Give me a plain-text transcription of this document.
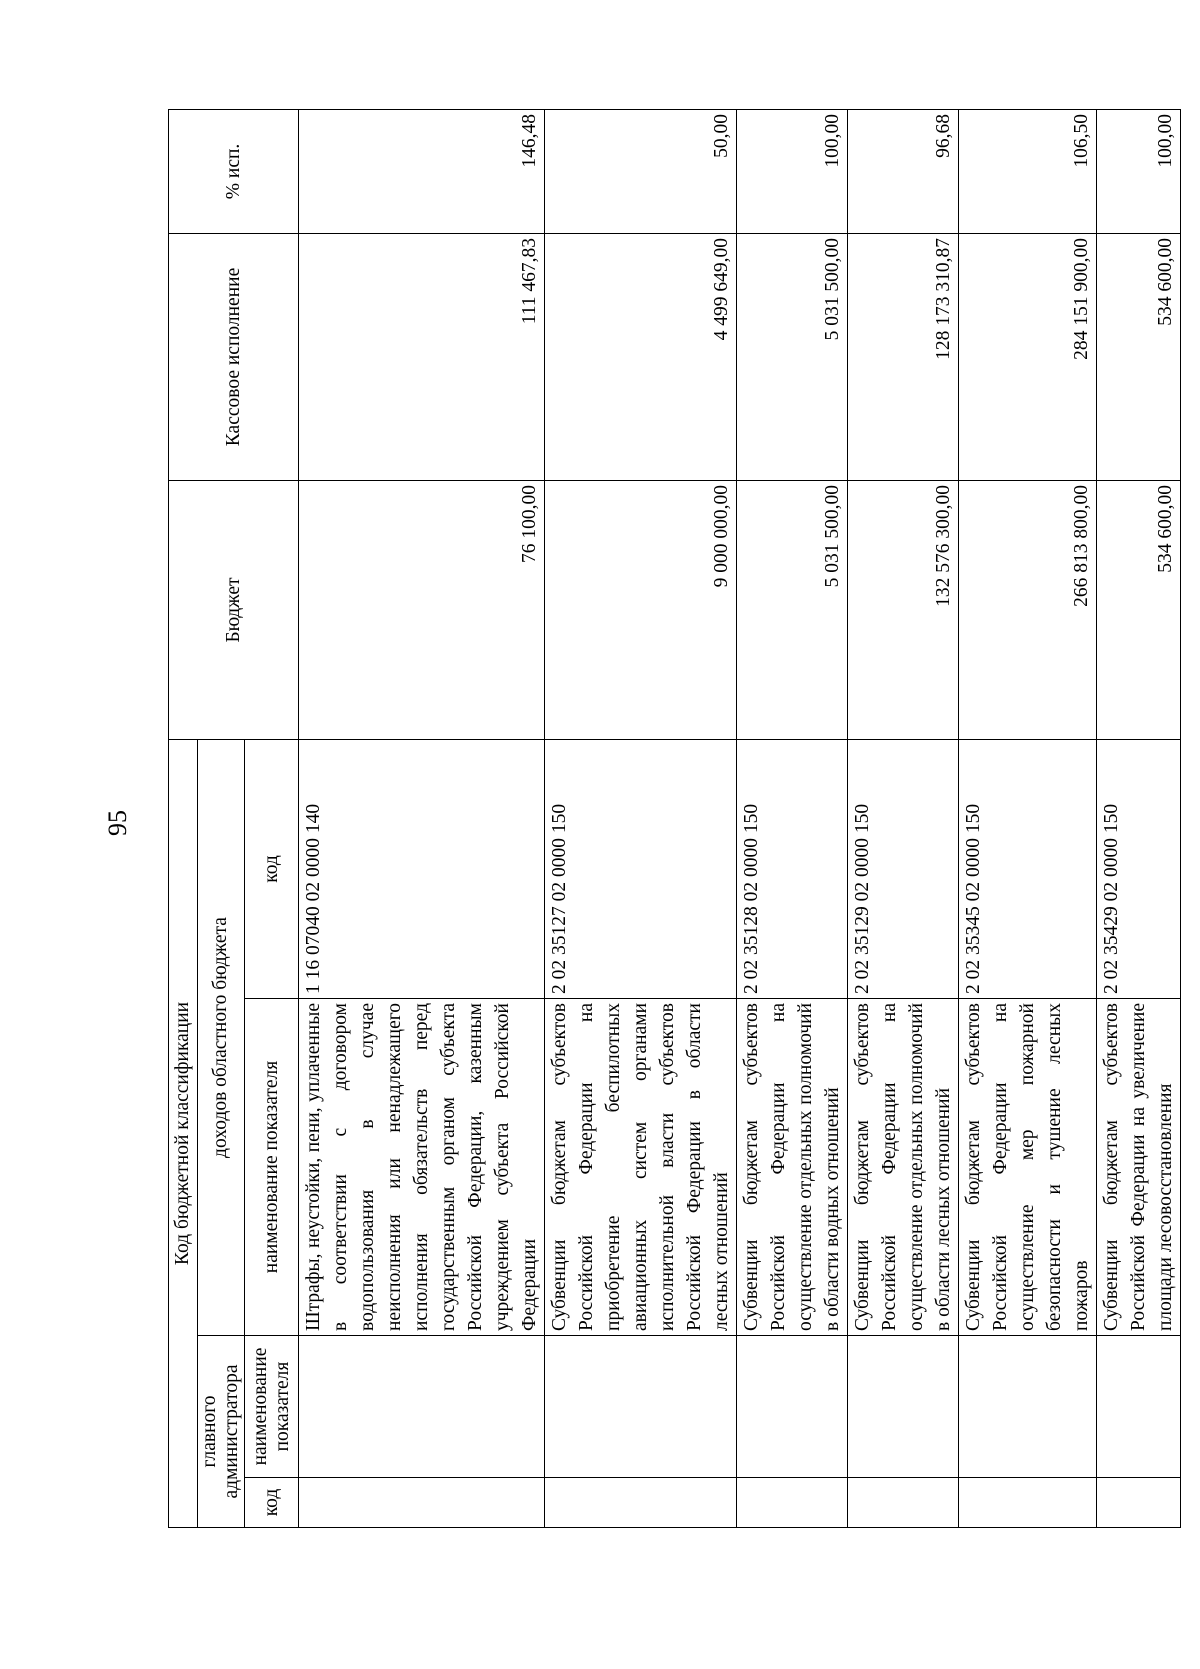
95
Код бюджетной классификации				Бюджет	Кассовое исполнение	% исп.
главного администратора		доходов областного бюджета				
код	наименование показателя	наименование показателя	код			
		Штрафы, неустойки, пени, уплаченные в соответствии с договором водопользования в случае неисполнения или ненадлежащего исполнения обязательств перед государственным органом субъекта Российской Федерации, казенным учреждением субъекта Российской Федерации	1 16 07040 02 0000 140	76 100,00	111 467,83	146,48
		Субвенции бюджетам субъектов Российской Федерации на приобретение беспилотных авиационных систем органами исполнительной власти субъектов Российской Федерации в области лесных отношений	2 02 35127 02 0000 150	9 000 000,00	4 499 649,00	50,00
		Субвенции бюджетам субъектов Российской Федерации на осуществление отдельных полномочий в области водных отношений	2 02 35128 02 0000 150	5 031 500,00	5 031 500,00	100,00
		Субвенции бюджетам субъектов Российской Федерации на осуществление отдельных полномочий в области лесных отношений	2 02 35129 02 0000 150	132 576 300,00	128 173 310,87	96,68
		Субвенции бюджетам субъектов Российской Федерации на осуществление мер пожарной безопасности и тушение лесных пожаров	2 02 35345 02 0000 150	266 813 800,00	284 151 900,00	106,50
		Субвенции бюджетам субъектов Российской Федерации на увеличение площади лесовосстановления	2 02 35429 02 0000 150	534 600,00	534 600,00	100,00
